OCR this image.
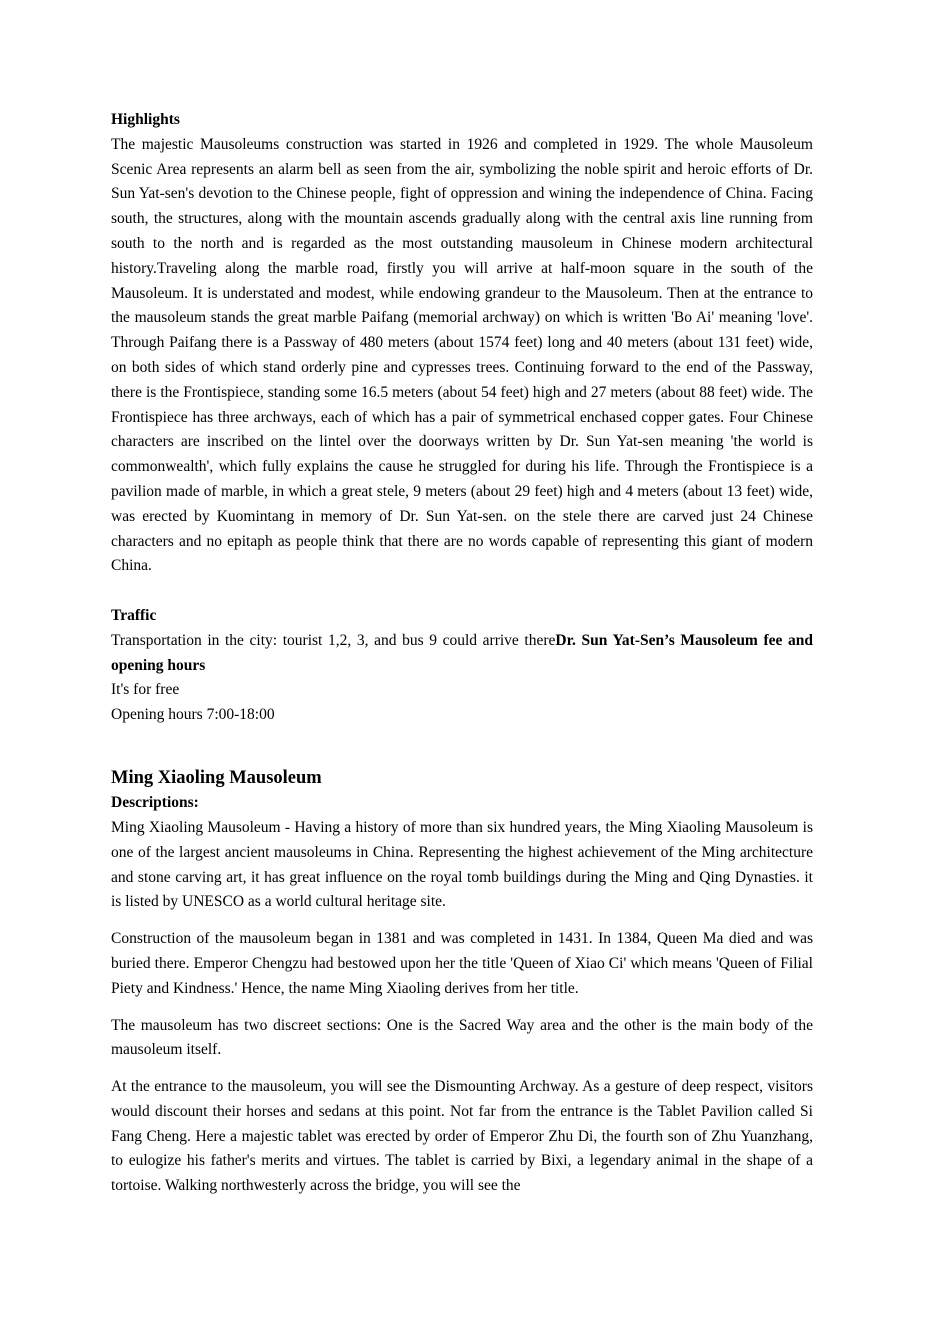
Highlights

The majestic Mausoleums construction was started in 1926 and completed in 1929. The whole Mausoleum Scenic Area represents an alarm bell as seen from the air, symbolizing the noble spirit and heroic efforts of Dr. Sun Yat-sen's devotion to the Chinese people, fight of oppression and wining the independence of China. Facing south, the structures, along with the mountain ascends gradually along with the central axis line running from south to the north and is regarded as the most outstanding mausoleum in Chinese modern architectural history.Traveling along the marble road, firstly you will arrive at half-moon square in the south of the Mausoleum. It is understated and modest, while endowing grandeur to the Mausoleum. Then at the entrance to the mausoleum stands the great marble Paifang (memorial archway) on which is written 'Bo Ai' meaning 'love'. Through Paifang there is a Passway of 480 meters (about 1574 feet) long and 40 meters (about 131 feet) wide, on both sides of which stand orderly pine and cypresses trees. Continuing forward to the end of the Passway, there is the Frontispiece, standing some 16.5 meters (about 54 feet) high and 27 meters (about 88 feet) wide. The Frontispiece has three archways, each of which has a pair of symmetrical enchased copper gates. Four Chinese characters are inscribed on the lintel over the doorways written by Dr. Sun Yat-sen meaning 'the world is commonwealth', which fully explains the cause he struggled for during his life. Through the Frontispiece is a pavilion made of marble, in which a great stele, 9 meters (about 29 feet) high and 4 meters (about 13 feet) wide, was erected by Kuomintang in memory of Dr. Sun Yat-sen. on the stele there are carved just 24 Chinese characters and no epitaph as people think that there are no words capable of representing this giant of modern China.

Traffic

Transportation in the city: tourist 1,2, 3, and bus 9 could arrive thereDr. Sun Yat-Sen’s Mausoleum fee and opening hours

It's for free

Opening hours 7:00-18:00

Ming Xiaoling Mausoleum

Descriptions:

Ming Xiaoling Mausoleum - Having a history of more than six hundred years, the Ming Xiaoling Mausoleum is one of the largest ancient mausoleums in China. Representing the highest achievement of the Ming architecture and stone carving art, it has great influence on the royal tomb buildings during the Ming and Qing Dynasties. it is listed by UNESCO as a world cultural heritage site.

Construction of the mausoleum began in 1381 and was completed in 1431. In 1384, Queen Ma died and was buried there. Emperor Chengzu had bestowed upon her the title 'Queen of Xiao Ci' which means 'Queen of Filial Piety and Kindness.' Hence, the name Ming Xiaoling derives from her title.

The mausoleum has two discreet sections: One is the Sacred Way area and the other is the main body of the mausoleum itself.

At the entrance to the mausoleum, you will see the Dismounting Archway. As a gesture of deep respect, visitors would discount their horses and sedans at this point. Not far from the entrance is the Tablet Pavilion called Si Fang Cheng. Here a majestic tablet was erected by order of Emperor Zhu Di, the fourth son of Zhu Yuanzhang, to eulogize his father's merits and virtues. The tablet is carried by Bixi, a legendary animal in the shape of a tortoise. Walking northwesterly across the bridge, you will see the
